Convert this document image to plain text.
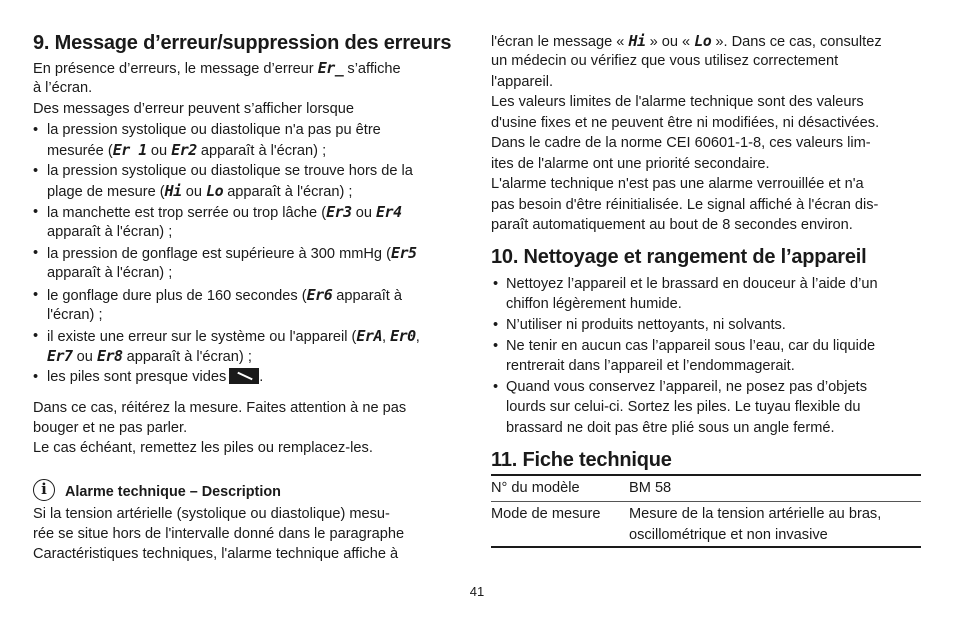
9. Message d’erreur/suppression des erreurs
En présence d’erreurs, le message d’erreur Er_ s’affiche
à l’écran.
Des messages d’erreur peuvent s’afficher lorsque
• la pression systolique ou diastolique n'a pas pu être
mesurée (Er 1 ou Er2 apparaît à l'écran) ;
• la pression systolique ou diastolique se trouve hors de la
plage de mesure (Hi ou Lo apparaît à l'écran) ;
• la manchette est trop serrée ou trop lâche (Er3 ou Er4
apparaît à l'écran) ;
• la pression de gonflage est supérieure à 300 mmHg (Er5
apparaît à l'écran) ;
• le gonflage dure plus de 160 secondes (Er6 apparaît à
l'écran) ;
• il existe une erreur sur le système ou l'appareil (ErA, Er0,
Er7 ou Er8 apparaît à l'écran) ;
• les piles sont presque vides .
Dans ce cas, réitérez la mesure. Faites attention à ne pas
bouger et ne pas parler.
Le cas échéant, remettez les piles ou remplacez-les.
i	Alarme technique – Description
Si la tension artérielle (systolique ou diastolique) mesu-
rée se situe hors de l'intervalle donné dans le paragraphe
Caractéristiques techniques, l'alarme technique affiche à
l'écran le message « Hi » ou « Lo ». Dans ce cas, consultez
un médecin ou vérifiez que vous utilisez correctement
l'appareil.
Les valeurs limites de l'alarme technique sont des valeurs
d'usine fixes et ne peuvent être ni modifiées, ni désactivées.
Dans le cadre de la norme CEI 60601-1-8, ces valeurs lim-
ites de l'alarme ont une priorité secondaire.
L'alarme technique n'est pas une alarme verrouillée et n'a
pas besoin d'être réinitialisée. Le signal affiché à l'écran dis-
paraît automatiquement au bout de 8 secondes environ.
10. Nettoyage et rangement de l’appareil
• Nettoyez l’appareil et le brassard en douceur à l’aide d’un
chiffon légèrement humide.
• N’utiliser ni produits nettoyants, ni solvants.
• Ne tenir en aucun cas l’appareil sous l’eau, car du liquide
rentrerait dans l’appareil et l’endommagerait.
• Quand vous conservez l’appareil, ne posez pas d’objets
lourds sur celui-ci. Sortez les piles. Le tuyau flexible du
brassard ne doit pas être plié sous un angle fermé.
11. Fiche technique
N° du modèle	BM 58
Mode de mesure Mesure de la tension artérielle au bras,
oscillométrique et non invasive
41
